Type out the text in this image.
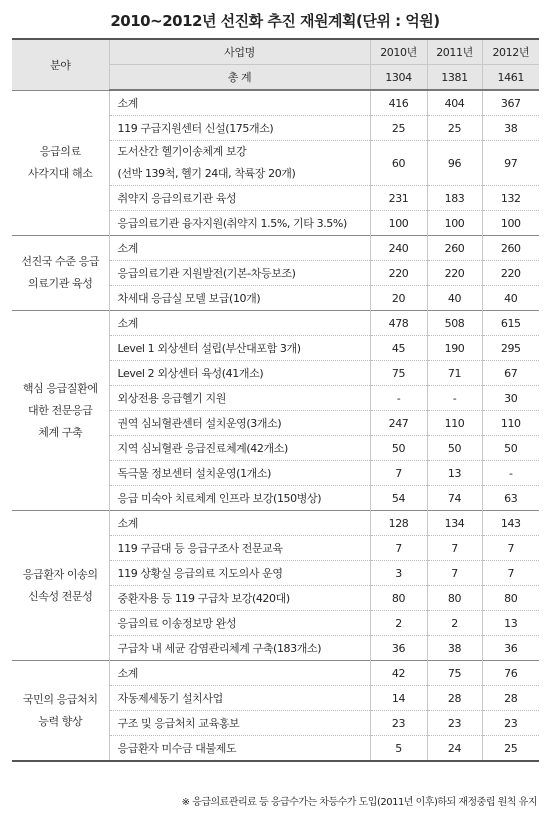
2010~2012년 선진화 추진 재원계획(단위 : 억원)
분야	사업명	2010년	2011년	2012년
	총 계	1304	1381	1461
응급의료
사각지대 해소	소계	416	404	367
	119 구급지원센터 신설(175개소)	25	25	38
	도서산간 헬기이송체계 보강
(선박 139척, 헬기 24대, 착륙장 20개)	60	96	97
	취약지 응급의료기관 육성	231	183	132
	응급의료기관 융자지원(취약지 1.5%, 기타 3.5%)	100	100	100
선진국 수준 응급
의료기관 육성	소계	240	260	260
	응급의료기관 지원발전(기본-차등보조)	220	220	220
	차세대 응급실 모델 보급(10개)	20	40	40
핵심 응급질환에
대한 전문응급
체계 구축	소계	478	508	615
	Level 1 외상센터 설립(부산대포함 3개)	45	190	295
	Level 2 외상센터 육성(41개소)	75	71	67
	외상전용 응급헬기 지원	-	-	30
	권역 심뇌혈관센터 설치운영(3개소)	247	110	110
	지역 심뇌혈관 응급진료체계(42개소)	50	50	50
	독극물 정보센터 설치운영(1개소)	7	13	-
	응급 미숙아 치료체계 인프라 보강(150병상)	54	74	63
응급환자 이송의
신속성 전문성	소계	128	134	143
	119 구급대 등 응급구조사 전문교육	7	7	7
	119 상황실 응급의료 지도의사 운영	3	7	7
	중환자용 등 119 구급차 보강(420대)	80	80	80
	응급의료 이송정보망 완성	2	2	13
	구급차 내 세균 감염관리체계 구축(183개소)	36	38	36
국민의 응급처치
능력 향상	소계	42	75	76
	자동제세동기 설치사업	14	28	28
	구조 및 응급처치 교육홍보	23	23	23
	응급환자 미수금 대불제도	5	24	25
※ 응급의료관리료 등 응급수가는 차등수가 도입(2011년 이후)하되 재정중립 원칙 유지
